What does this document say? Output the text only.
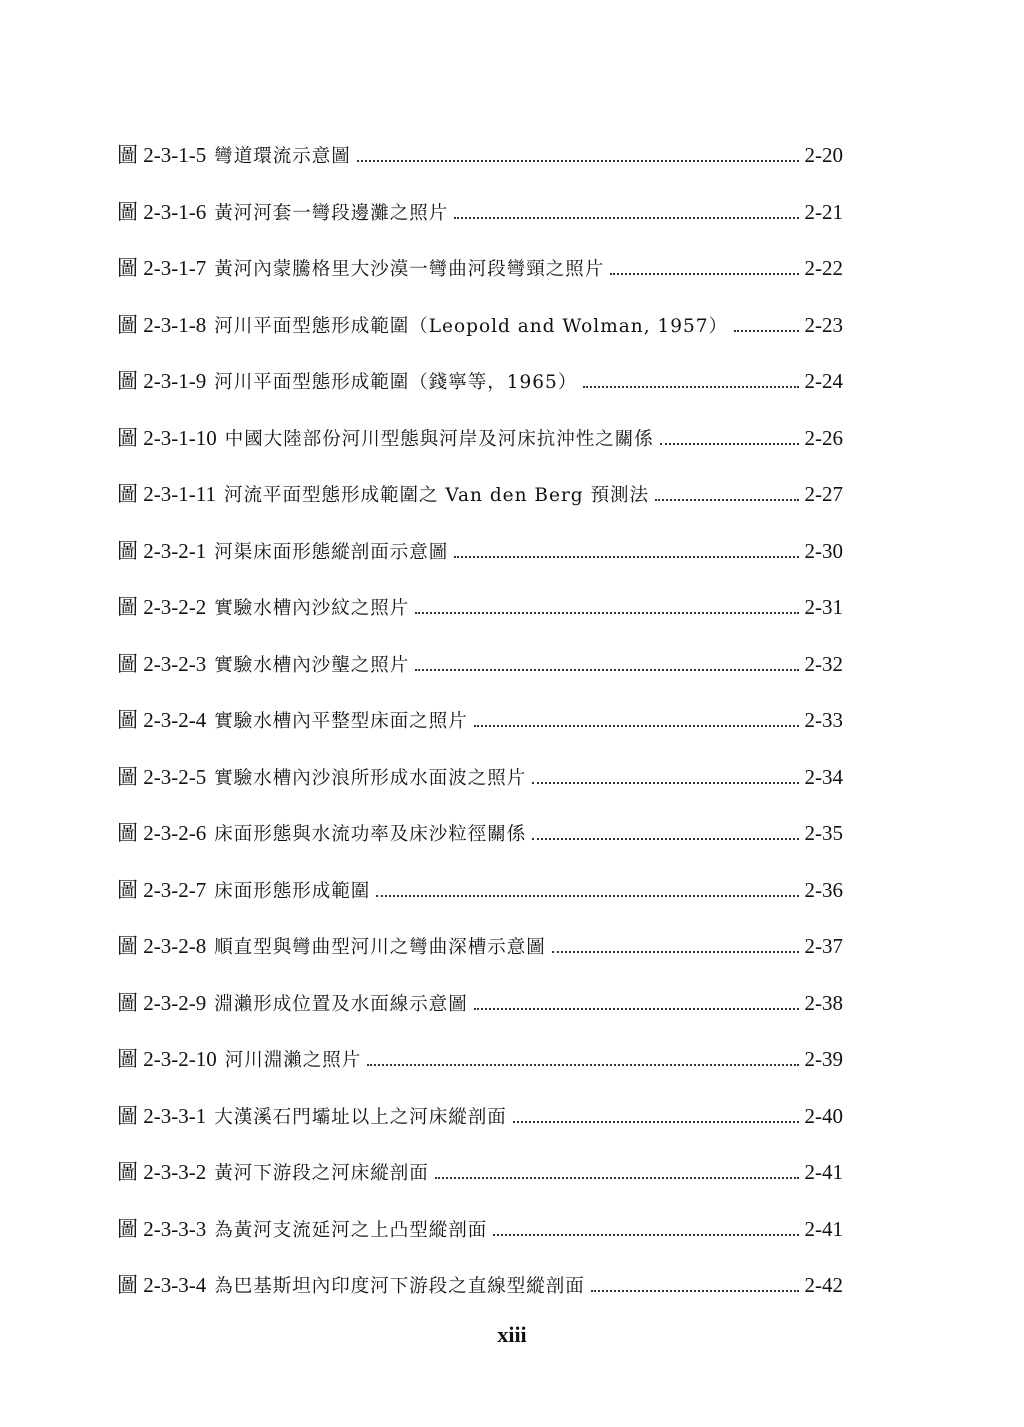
圖 2-3-1-5 彎道環流示意圖	2-20
圖 2-3-1-6 黃河河套一彎段邊灘之照片	2-21
圖 2-3-1-7 黃河內蒙騰格里大沙漠一彎曲河段彎頸之照片	2-22
圖 2-3-1-8 河川平面型態形成範圍（Leopold and Wolman, 1957）	2-23
圖 2-3-1-9 河川平面型態形成範圍（錢寧等，1965）	2-24
圖 2-3-1-10 中國大陸部份河川型態與河岸及河床抗沖性之關係	2-26
圖 2-3-1-11 河流平面型態形成範圍之 Van den Berg 預測法	2-27
圖 2-3-2-1 河渠床面形態縱剖面示意圖	2-30
圖 2-3-2-2 實驗水槽內沙紋之照片	2-31
圖 2-3-2-3 實驗水槽內沙壟之照片	2-32
圖 2-3-2-4 實驗水槽內平整型床面之照片	2-33
圖 2-3-2-5 實驗水槽內沙浪所形成水面波之照片	2-34
圖 2-3-2-6 床面形態與水流功率及床沙粒徑關係	2-35
圖 2-3-2-7 床面形態形成範圍	2-36
圖 2-3-2-8 順直型與彎曲型河川之彎曲深槽示意圖	2-37
圖 2-3-2-9 淵瀨形成位置及水面線示意圖	2-38
圖 2-3-2-10 河川淵瀨之照片	2-39
圖 2-3-3-1 大漢溪石門壩址以上之河床縱剖面	2-40
圖 2-3-3-2 黃河下游段之河床縱剖面	2-41
圖 2-3-3-3 為黃河支流延河之上凸型縱剖面	2-41
圖 2-3-3-4 為巴基斯坦內印度河下游段之直線型縱剖面	2-42
xiii
